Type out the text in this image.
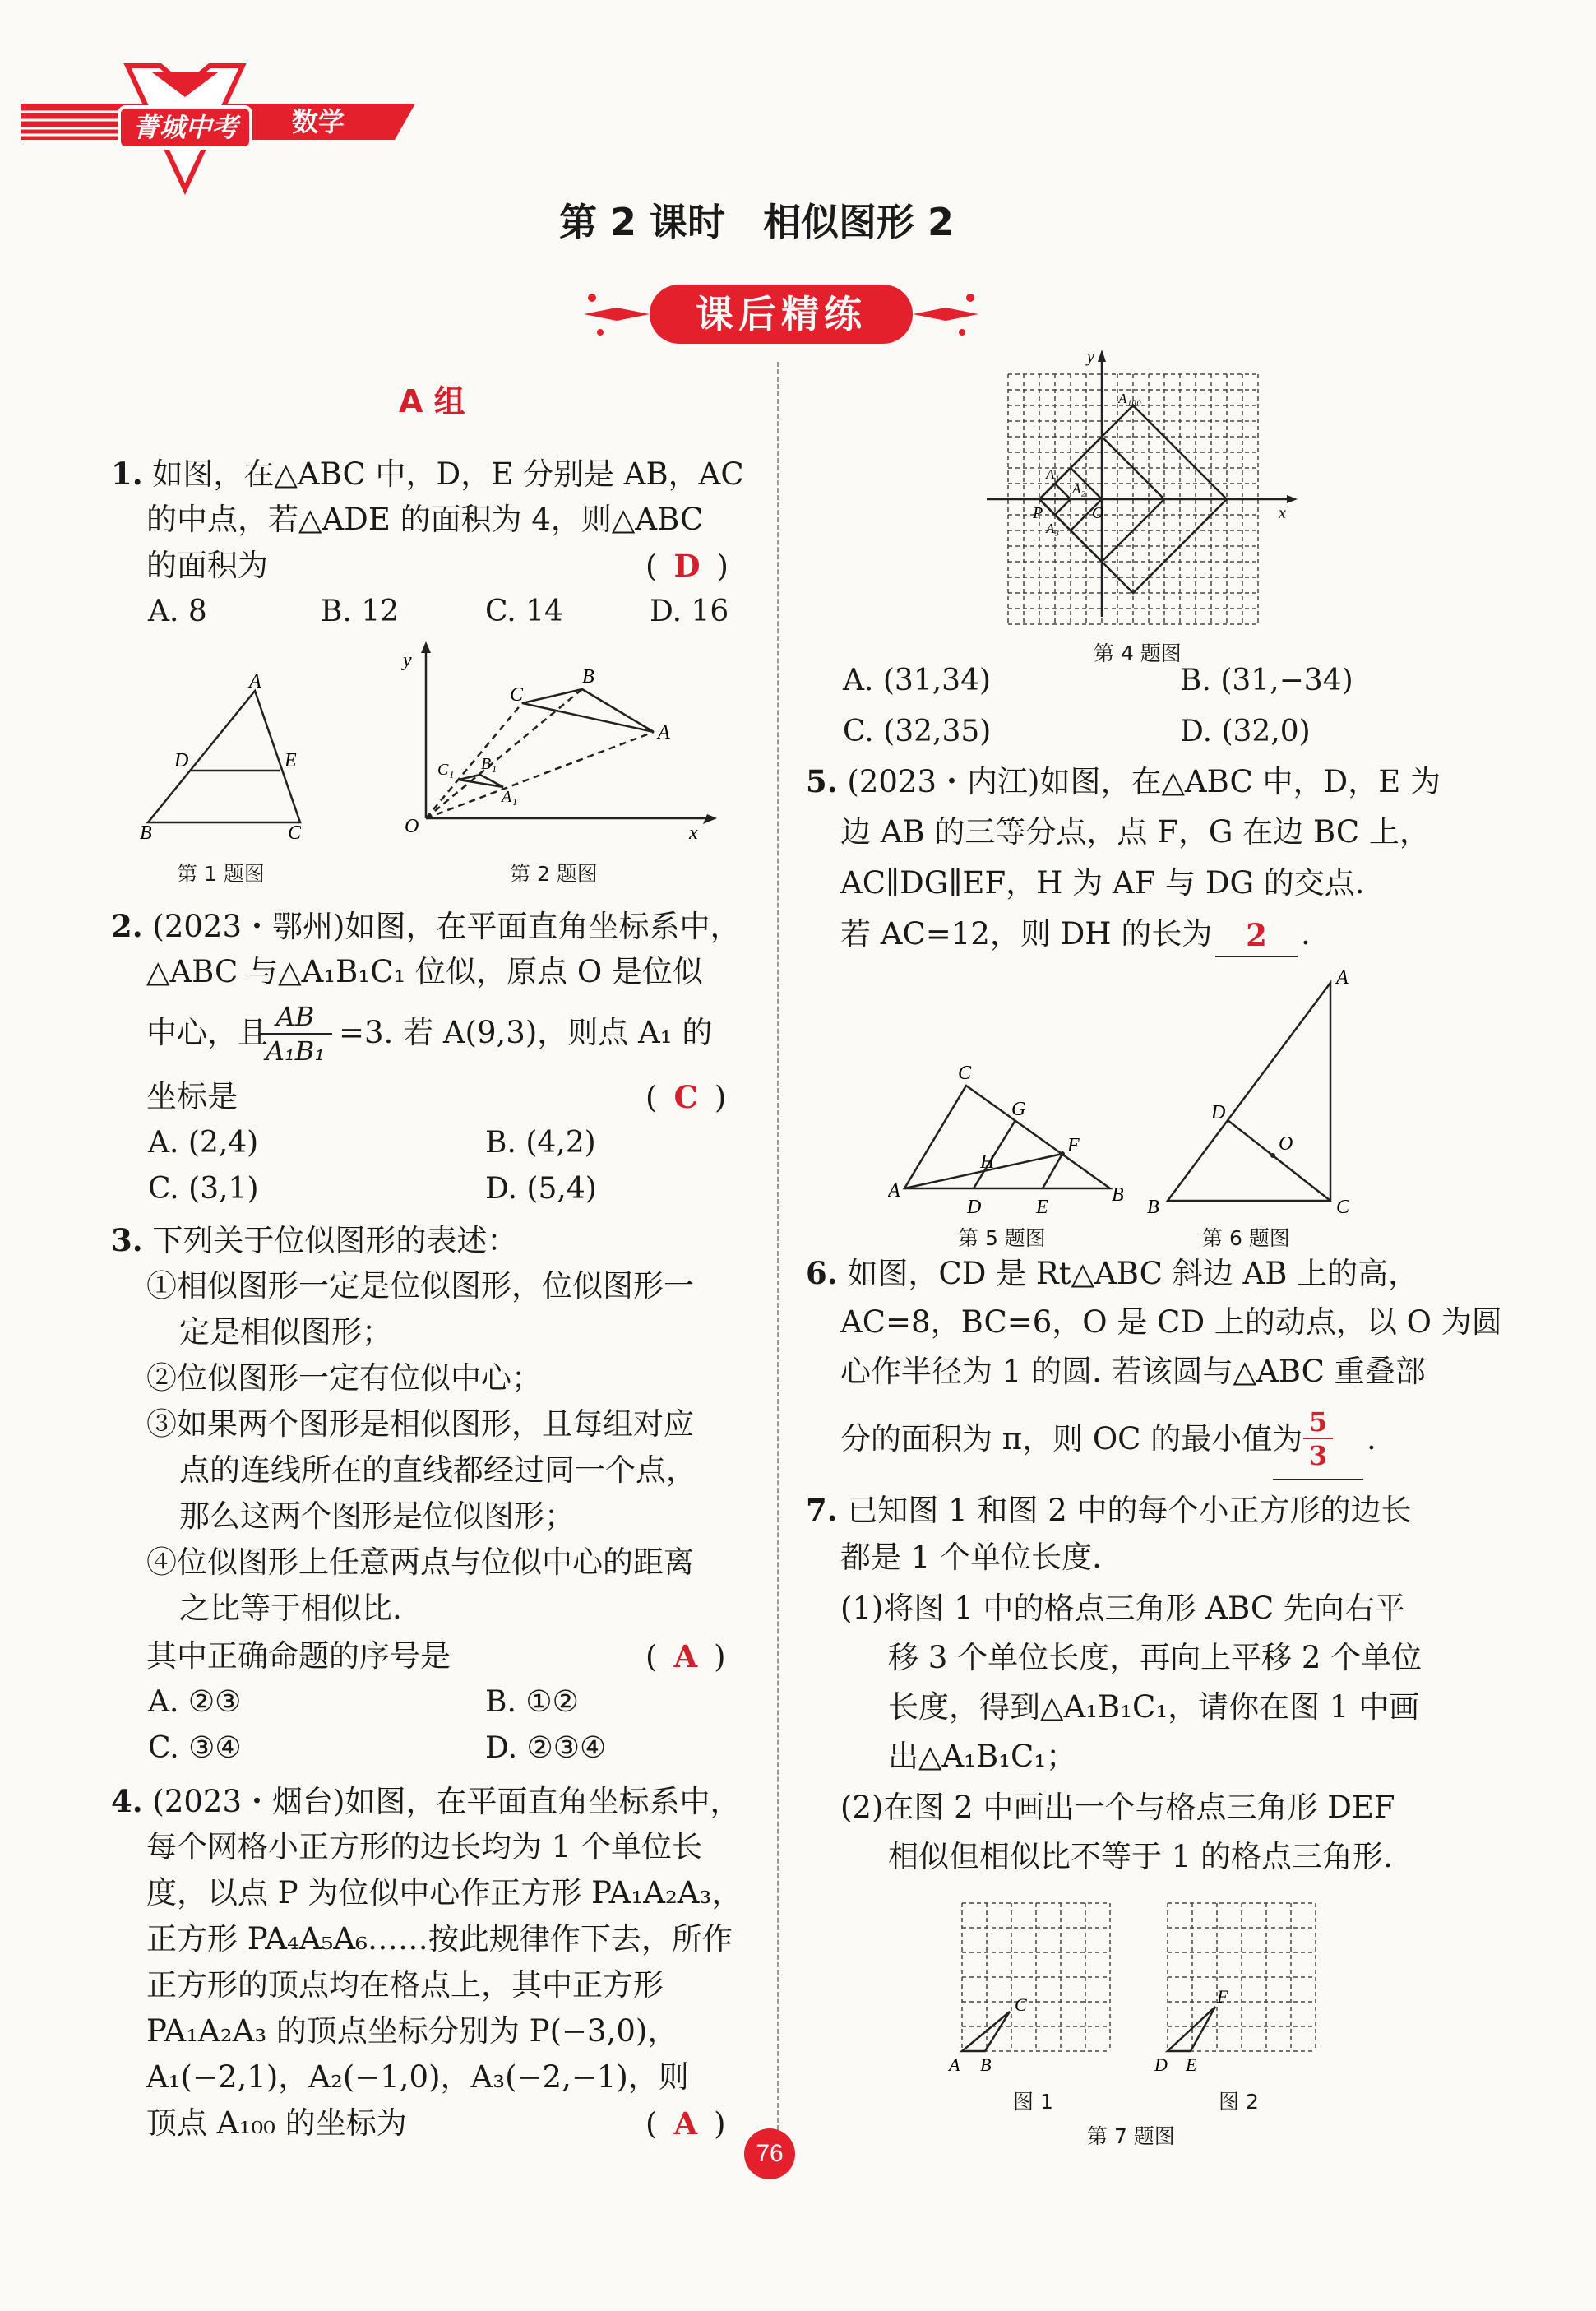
菁城中考 数学
第 2 课时　相似图形 2
课后精练
A 组
1. 如图，在△ABC 中，D，E 分别是 AB，AC
的中点，若△ADE 的面积为 4，则△ABC
的面积为	( D )
A. 8	B. 12	C. 14	D. 16
A
B	C
D	E
第 1 题图
x
y
O
A
B
C
A₁
B₁
C₁
第 2 题图
2. (2023・鄂州)如图，在平面直角坐标系中，
△ABC 与△A₁B₁C₁ 位似，原点 O 是位似
中心，且
$\frac{AB}{\text{A₁B₁}} =3$. 若 A(9,3)，则点 A₁ 的
坐标是	( C )
A. (2,4)	B. (4,2)
C. (3,1)	D. (5,4)
3. 下列关于位似图形的表述：
①相似图形一定是位似图形，位似图形一
定是相似图形；
②位似图形一定有位似中心；
③如果两个图形是相似图形，且每组对应
点的连线所在的直线都经过同一个点，
那么这两个图形是位似图形；
④位似图形上任意两点与位似中心的距离
之比等于相似比.
其中正确命题的序号是	( A )
A. ②③	B. ①②
C. ③④	D. ②③④
4. (2023・烟台)如图，在平面直角坐标系中，
每个网格小正方形的边长均为 1 个单位长
度，以点 P 为位似中心作正方形 PA₁A₂A₃，
正方形 PA₄A₅A₆……按此规律作下去，所作
正方形的顶点均在格点上，其中正方形
PA₁A₂A₃ 的顶点坐标分别为 P(−3,0)，
A₁(−2,1)，A₂(−1,0)，A₃(−2,−1)，则
顶点 A₁₀₀ 的坐标为	( A )
x
y
P	O
A₁
A₂
A₃
A₁₀₀
第 4 题图
A. (31,34)	B. (31,−34)
C. (32,35)	D. (32,0)
5. (2023・内江)如图，在△ABC 中，D，E 为
边 AB 的三等分点，点 F，G 在边 BC 上，
AC∥DG∥EF，H 为 AF 与 DG 的交点.
若 AC=12，则 DH 的长为	2	.
A	B
C
D	E
F
G
H
第 5 题图
A
B	C
D
O
第 6 题图
6. 如图，CD 是 Rt△ABC 斜边 AB 上的高，
AC=8，BC=6，O 是 CD 上的动点，以 O 为圆
心作半径为 1 的圆. 若该圆与△ABC 重叠部
分的面积为 π，则 OC 的最小值为
$\frac{5}{3}$ .
7. 已知图 1 和图 2 中的每个小正方形的边长
都是 1 个单位长度.
(1)将图 1 中的格点三角形 ABC 先向右平
移 3 个单位长度，再向上平移 2 个单位
长度，得到△A₁B₁C₁，请你在图 1 中画
出△A₁B₁C₁；
(2)在图 2 中画出一个与格点三角形 DEF
相似但相似比不等于 1 的格点三角形.
A B
C
D E
F
图 1	图 2
第 7 题图
76
